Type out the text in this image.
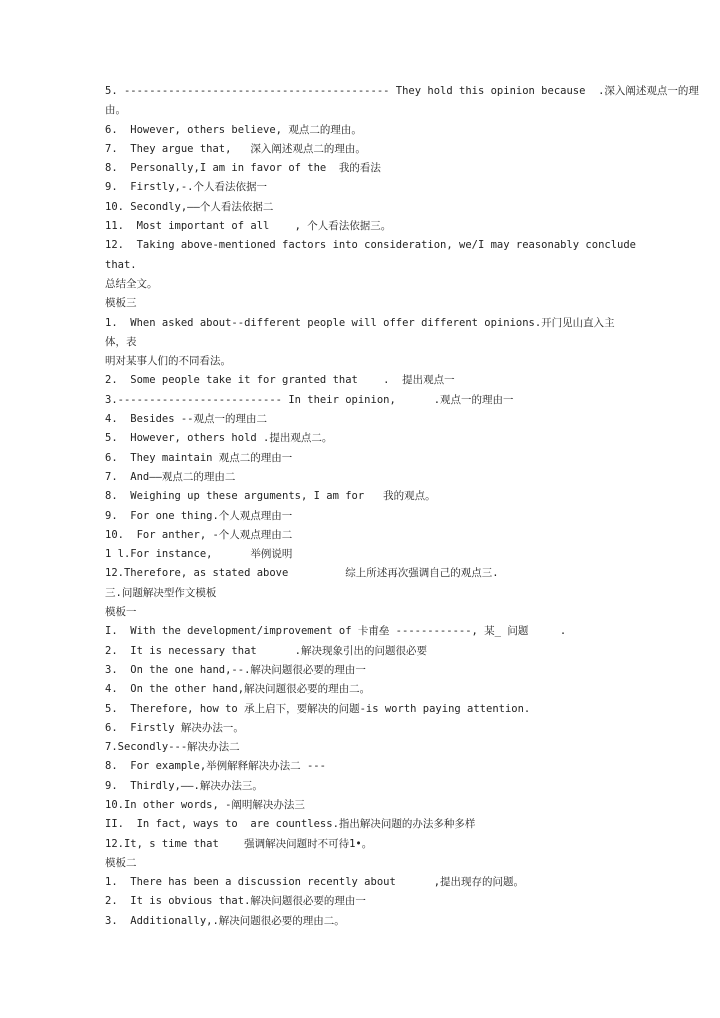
5. ------------------------------------------ They hold this opinion because  .深入阐述观点一的理
由。
6.  However, others believe, 观点二的理由。
7.  They argue that,   深入阐述观点二的理由。
8.  Personally,I am in favor of the  我的看法
9.  Firstly,-.个人看法依据一
10. Secondly,——个人看法依据二
11.  Most important of all    , 个人看法依据三。
12.  Taking above-mentioned factors into consideration, we/I may reasonably conclude
that.
总结全文。
模板三
1.  When asked about--different people will offer different opinions.开门见山直入主
体，表
明对某事人们的不同看法。
2.  Some people take it for granted that    .  提出观点一
3.-------------------------- In their opinion,      .观点一的理由一
4.  Besides --观点一的理由二
5.  However, others hold .提出观点二。
6.  They maintain 观点二的理由一
7.  And——观点二的理由二
8.  Weighing up these arguments, I am for   我的观点。
9.  For one thing.个人观点理由一
10.  For anther, -个人观点理由二
1 l.For instance,      举例说明
12.Therefore, as stated above         综上所述再次强调自己的观点三.
三.问题解决型作文模板
模板一
I.  With the development/improvement of 卡甫垒 ------------, 某_ 问题     .
2.  It is necessary that      .解决现象引出的问题很必要
3.  On the one hand,--.解决问题很必要的理由一
4.  On the other hand,解决问题很必要的理由二。
5.  Therefore, how to 承上启下，要解决的问题-is worth paying attention.
6.  Firstly 解决办法一。
7.Secondly---解决办法二
8.  For example,举例解释解决办法二 ---
9.  Thirdly,——.解决办法三。
10.In other words, -阐明解决办法三
II.  In fact, ways to  are countless.指出解决问题的办法多种多样
12.It, s time that    强调解决问题时不可待1•。
模板二
1.  There has been a discussion recently about      ,提出现存的问题。
2.  It is obvious that.解决问题很必要的理由一
3.  Additionally,.解决问题很必要的理由二。
